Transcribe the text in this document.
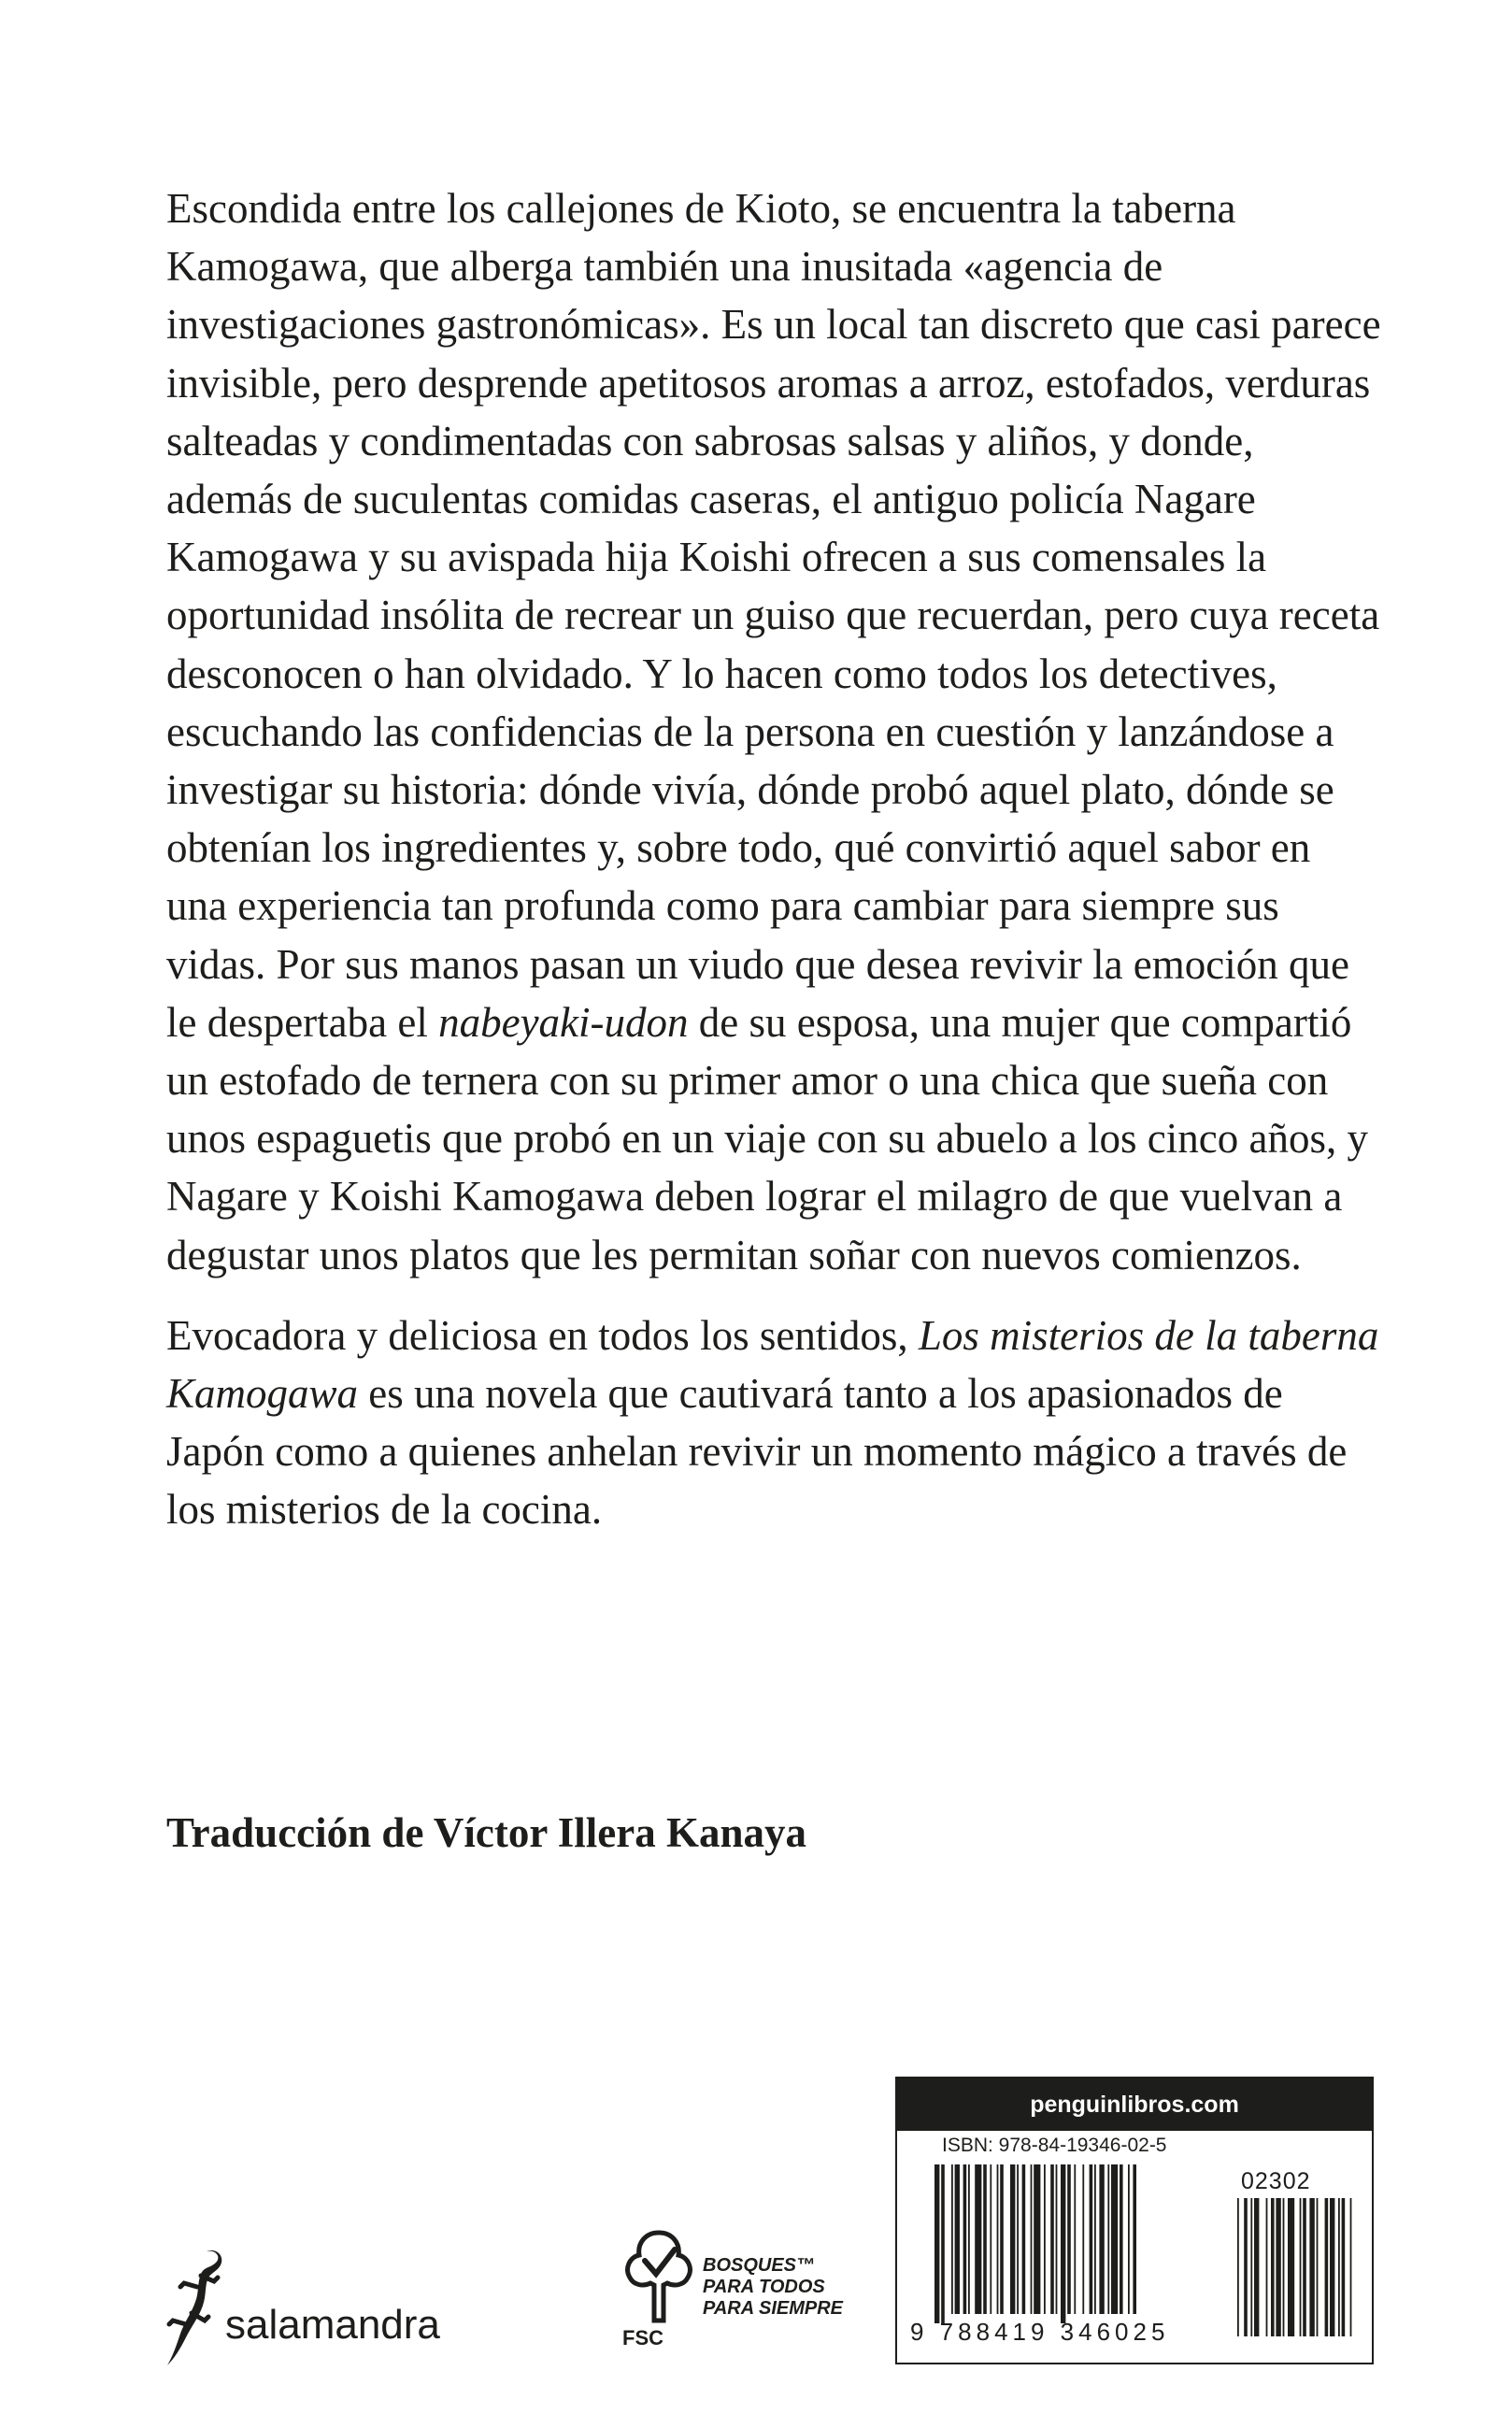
Escondida entre los callejones de Kioto, se encuentra la taberna Kamogawa, que alberga también una inusitada «agencia de investigaciones gastronómicas». Es un local tan discreto que casi parece invisible, pero desprende apetitosos aromas a arroz, estofados, verduras salteadas y condimentadas con sabrosas salsas y aliños, y donde, además de suculentas comidas caseras, el antiguo policía Nagare Kamogawa y su avispada hija Koishi ofrecen a sus comensales la oportunidad insólita de recrear un guiso que recuerdan, pero cuya receta desconocen o han olvidado. Y lo hacen como todos los detectives, escuchando las confidencias de la persona en cuestión y lanzándose a investigar su historia: dónde vivía, dónde probó aquel plato, dónde se obtenían los ingredientes y, sobre todo, qué convirtió aquel sabor en una experiencia tan profunda como para cambiar para siempre sus vidas. Por sus manos pasan un viudo que desea revivir la emoción que le despertaba el nabeyaki-udon de su esposa, una mujer que compartió un estofado de ternera con su primer amor o una chica que sueña con unos espaguetis que probó en un viaje con su abuelo a los cinco años, y Nagare y Koishi Kamogawa deben lograr el milagro de que vuelvan a degustar unos platos que les permitan soñar con nuevos comienzos.

Evocadora y deliciosa en todos los sentidos, Los misterios de la taberna Kamogawa es una novela que cautivará tanto a los apasionados de Japón como a quienes anhelan revivir un momento mágico a través de los misterios de la cocina.

Traducción de Víctor Illera Kanaya

salamandra	FSC
BOSQUES™
PARA TODOS
PARA SIEMPRE
penguinlibros.com
ISBN: 978-84-19346-02-5
02302
9 788419 346025
